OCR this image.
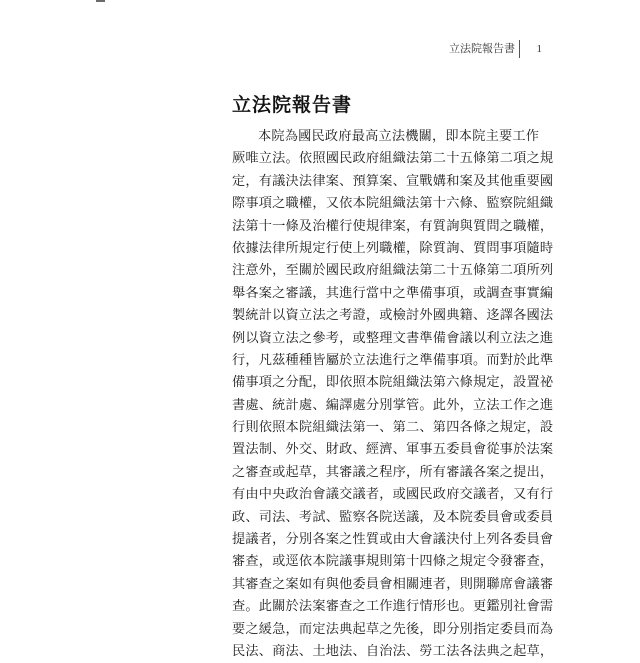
立法院報告書	1
立法院報告書
本院為國民政府最高立法機關，即本院主要工作
厥唯立法。依照國民政府組織法第二十五條第二項之規
定，有議決法律案、預算案、宣戰媾和案及其他重要國
際事項之職權，又依本院組織法第十六條、監察院組織
法第十一條及治權行使規律案，有質詢與質問之職權，
依據法律所規定行使上列職權，除質詢、質問事項隨時
注意外，至關於國民政府組織法第二十五條第二項所列
舉各案之審議，其進行當中之準備事項，或調查事實編
製統計以資立法之考證，或檢討外國典籍、迻譯各國法
例以資立法之參考，或整理文書準備會議以利立法之進
行，凡茲種種皆屬於立法進行之準備事項。而對於此準
備事項之分配，即依照本院組織法第六條規定，設置祕
書處、統計處、編譯處分別掌管。此外，立法工作之進
行則依照本院組織法第一、第二、第四各條之規定，設
置法制、外交、財政、經濟、軍事五委員會從事於法案
之審查或起草，其審議之程序，所有審議各案之提出，
有由中央政治會議交議者，或國民政府交議者，又有行
政、司法、考試、監察各院送議，及本院委員會或委員
提議者，分別各案之性質或由大會議決付上列各委員會
審查，或逕依本院議事規則第十四條之規定令發審查，
其審查之案如有與他委員會相關連者，則開聯席會議審
查。此關於法案審查之工作進行情形也。更鑑別社會需
要之緩急，而定法典起草之先後，即分別指定委員而為
民法、商法、土地法、自治法、勞工法各法典之起草，
